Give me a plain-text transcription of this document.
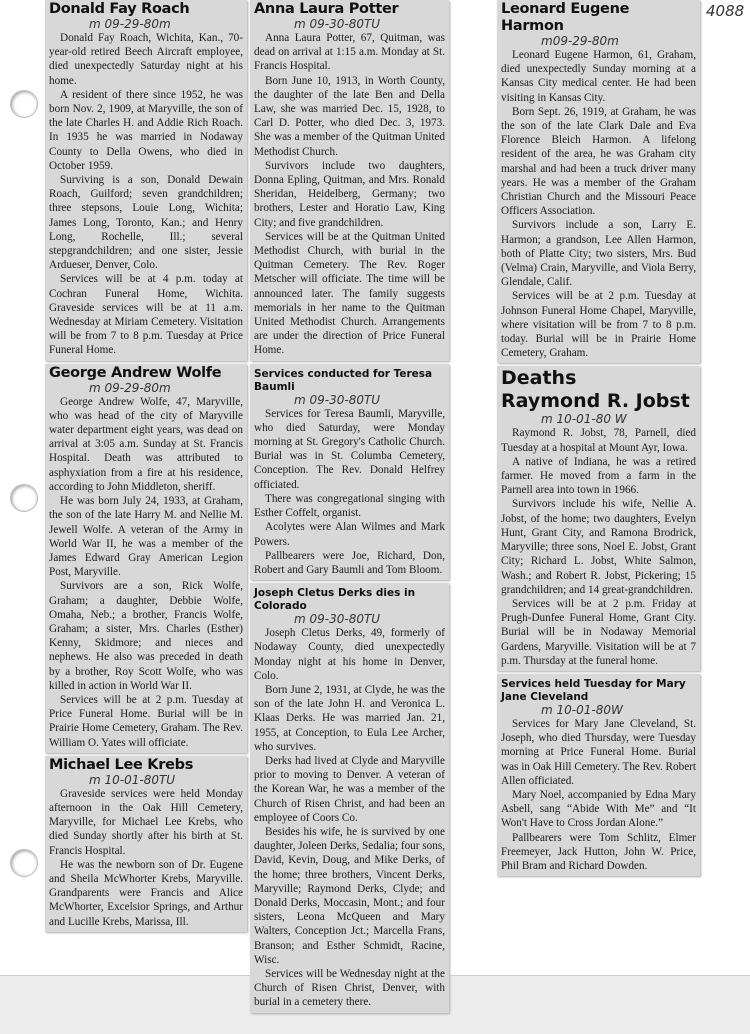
4088
Donald Fay Roach
m 09-29-80m

Donald Fay Roach, Wichita, Kan., 70-year-old retired Beech Aircraft employee, died unexpectedly Saturday night at his home.

A resident of there since 1952, he was born Nov. 2, 1909, at Maryville, the son of the late Charles H. and Addie Rich Roach. In 1935 he was married in Nodaway County to Della Owens, who died in October 1959.

Surviving is a son, Donald Dewain Roach, Guilford; seven grandchildren; three stepsons, Louie Long, Wichita; James Long, Toronto, Kan.; and Henry Long, Rochelle, Ill.; several stepgrandchildren; and one sister, Jessie Ardueser, Denver, Colo.

Services will be at 4 p.m. today at Cochran Funeral Home, Wichita. Graveside services will be at 11 a.m. Wednesday at Miriam Cemetery. Visitation will be from 7 to 8 p.m. Tuesday at Price Funeral Home.

George Andrew Wolfe
m 09-29-80m

George Andrew Wolfe, 47, Maryville, who was head of the city of Maryville water department eight years, was dead on arrival at 3:05 a.m. Sunday at St. Francis Hospital. Death was attributed to asphyxiation from a fire at his residence, according to John Middleton, sheriff.

He was born July 24, 1933, at Graham, the son of the late Harry M. and Nellie M. Jewell Wolfe. A veteran of the Army in World War II, he was a member of the James Edward Gray American Legion Post, Maryville.

Survivors are a son, Rick Wolfe, Graham; a daughter, Debbie Wolfe, Omaha, Neb.; a brother, Francis Wolfe, Graham; a sister, Mrs. Charles (Esther) Kenny, Skidmore; and nieces and nephews. He also was preceded in death by a brother, Roy Scott Wolfe, who was killed in action in World War II.

Services will be at 2 p.m. Tuesday at Price Funeral Home. Burial will be in Prairie Home Cemetery, Graham. The Rev. William O. Yates will officiate.

Michael Lee Krebs
m 10-01-80TU

Graveside services were held Monday afternoon in the Oak Hill Cemetery, Maryville, for Michael Lee Krebs, who died Sunday shortly after his birth at St. Francis Hospital.

He was the newborn son of Dr. Eugene and Sheila McWhorter Krebs, Maryville. Grandparents were Francis and Alice McWhorter, Excelsior Springs, and Arthur and Lucille Krebs, Marissa, Ill.

Anna Laura Potter
m 09-30-80TU

Anna Laura Potter, 67, Quitman, was dead on arrival at 1:15 a.m. Monday at St. Francis Hospital.

Born June 10, 1913, in Worth County, the daughter of the late Ben and Della Law, she was married Dec. 15, 1928, to Carl D. Potter, who died Dec. 3, 1973. She was a member of the Quitman United Methodist Church.

Survivors include two daughters, Donna Epling, Quitman, and Mrs. Ronald Sheridan, Heidelberg, Germany; two brothers, Lester and Horatio Law, King City; and five grandchildren.

Services will be at the Quitman United Methodist Church, with burial in the Quitman Cemetery. The Rev. Roger Metscher will officiate. The time will be announced later. The family suggests memorials in her name to the Quitman United Methodist Church. Arrangements are under the direction of Price Funeral Home.

Services conducted for Teresa Baumli
m 09-30-80TU

Services for Teresa Baumli, Maryville, who died Saturday, were Monday morning at St. Gregory's Catholic Church. Burial was in St. Columba Cemetery, Conception. The Rev. Donald Helfrey officiated.

There was congregational singing with Esther Coffelt, organist.

Acolytes were Alan Wilmes and Mark Powers.

Pallbearers were Joe, Richard, Don, Robert and Gary Baumli and Tom Bloom.

Joseph Cletus Derks dies in Colorado
m 09-30-80TU

Joseph Cletus Derks, 49, formerly of Nodaway County, died unexpectedly Monday night at his home in Denver, Colo.

Born June 2, 1931, at Clyde, he was the son of the late John H. and Veronica L. Klaas Derks. He was married Jan. 21, 1955, at Conception, to Eula Lee Archer, who survives.

Derks had lived at Clyde and Maryville prior to moving to Denver. A veteran of the Korean War, he was a member of the Church of Risen Christ, and had been an employee of Coors Co.

Besides his wife, he is survived by one daughter, Joleen Derks, Sedalia; four sons, David, Kevin, Doug, and Mike Derks, of the home; three brothers, Vincent Derks, Maryville; Raymond Derks, Clyde; and Donald Derks, Moccasin, Mont.; and four sisters, Leona McQueen and Mary Walters, Conception Jct.; Marcella Frans, Branson; and Esther Schmidt, Racine, Wisc.

Services will be Wednesday night at the Church of Risen Christ, Denver, with burial in a cemetery there.

Leonard Eugene Harmon
m09-29-80m

Leonard Eugene Harmon, 61, Graham, died unexpectedly Sunday morning at a Kansas City medical center. He had been visiting in Kansas City.

Born Sept. 26, 1919, at Graham, he was the son of the late Clark Dale and Eva Florence Bleich Harmon. A lifelong resident of the area, he was Graham city marshal and had been a truck driver many years. He was a member of the Graham Christian Church and the Missouri Peace Officers Association.

Survivors include a son, Larry E. Harmon; a grandson, Lee Allen Harmon, both of Platte City; two sisters, Mrs. Bud (Velma) Crain, Maryville, and Viola Berry, Glendale, Calif.

Services will be at 2 p.m. Tuesday at Johnson Funeral Home Chapel, Maryville, where visitation will be from 7 to 8 p.m. today. Burial will be in Prairie Home Cemetery, Graham.

Deaths
Raymond R. Jobst
m 10-01-80 W

Raymond R. Jobst, 78, Parnell, died Tuesday at a hospital at Mount Ayr, Iowa.

A native of Indiana, he was a retired farmer. He moved from a farm in the Parnell area into town in 1966.

Survivors include his wife, Nellie A. Jobst, of the home; two daughters, Evelyn Hunt, Grant City, and Ramona Brodrick, Maryville; three sons, Noel E. Jobst, Grant City; Richard L. Jobst, White Salmon, Wash.; and Robert R. Jobst, Pickering; 15 grandchildren; and 14 great-grandchildren.

Services will be at 2 p.m. Friday at Prugh-Dunfee Funeral Home, Grant City. Burial will be in Nodaway Memorial Gardens, Maryville. Visitation will be at 7 p.m. Thursday at the funeral home.

Services held Tuesday for Mary Jane Cleveland
m 10-01-80W

Services for Mary Jane Cleveland, St. Joseph, who died Thursday, were Tuesday morning at Price Funeral Home. Burial was in Oak Hill Cemetery. The Rev. Robert Allen officiated.

Mary Noel, accompanied by Edna Mary Asbell, sang “Abide With Me” and “It Won't Have to Cross Jordan Alone.”

Pallbearers were Tom Schlitz, Elmer Freemeyer, Jack Hutton, John W. Price, Phil Bram and Richard Dowden.
